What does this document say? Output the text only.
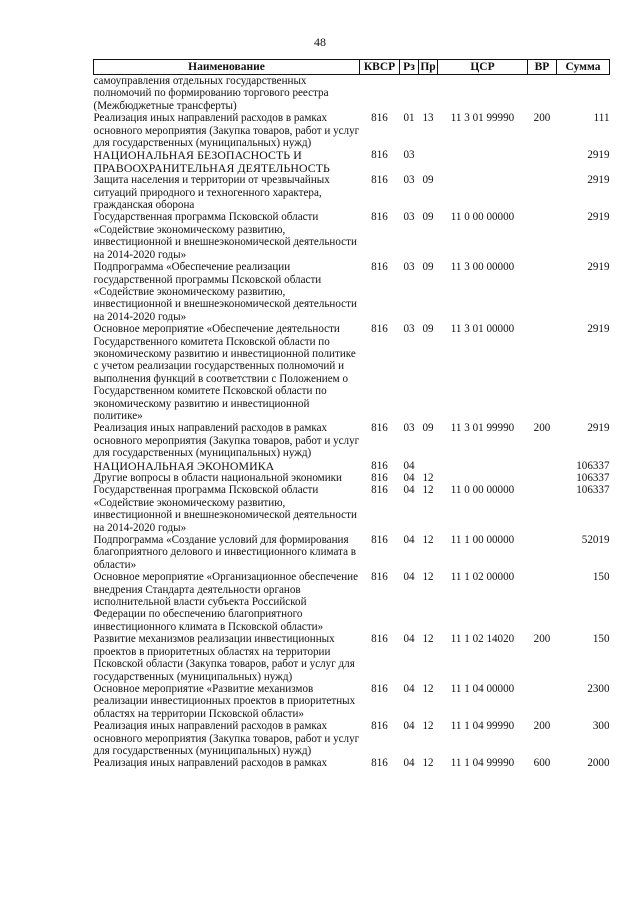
48
Наименование	КВСР	Рз	Пр	ЦСР	ВР	Сумма
самоуправления отдельных государственных полномочий по формированию торгового реестра (Межбюджетные трансферты)						
Реализация иных направлений расходов в рамках основного мероприятия (Закупка товаров, работ и услуг для государственных (муниципальных) нужд)	816	01	13	11 3 01 99990	200	111
НАЦИОНАЛЬНАЯ БЕЗОПАСНОСТЬ И ПРАВООХРАНИТЕЛЬНАЯ ДЕЯТЕЛЬНОСТЬ	816	03				2919
Защита населения и территории от чрезвычайных ситуаций природного и техногенного характера, гражданская оборона	816	03	09			2919
Государственная программа Псковской области «Содействие экономическому развитию, инвестиционной и внешнеэкономической деятельности на 2014-2020 годы»	816	03	09	11 0 00 00000		2919
Подпрограмма «Обеспечение реализации государственной программы Псковской области «Содействие экономическому развитию, инвестиционной и внешнеэкономической деятельности на 2014-2020 годы»	816	03	09	11 3 00 00000		2919
Основное мероприятие «Обеспечение деятельности Государственного комитета Псковской области по экономическому развитию и инвестиционной политике с учетом реализации государственных полномочий и выполнения функций в соответствии с Положением о Государственном комитете Псковской области по экономическому развитию и инвестиционной политике»	816	03	09	11 3 01 00000		2919
Реализация иных направлений расходов в рамках основного мероприятия (Закупка товаров, работ и услуг для государственных (муниципальных) нужд)	816	03	09	11 3 01 99990	200	2919
НАЦИОНАЛЬНАЯ ЭКОНОМИКА	816	04				106337
Другие вопросы в области национальной экономики	816	04	12			106337
Государственная программа Псковской области «Содействие экономическому развитию, инвестиционной и внешнеэкономической деятельности на 2014-2020 годы»	816	04	12	11 0 00 00000		106337
Подпрограмма «Создание условий для формирования благоприятного делового и инвестиционного климата в области»	816	04	12	11 1 00 00000		52019
Основное мероприятие «Организационное обеспечение внедрения Стандарта деятельности органов исполнительной власти субъекта Российской Федерации по обеспечению благоприятного инвестиционного климата в Псковской области»	816	04	12	11 1 02 00000		150
Развитие механизмов реализации инвестиционных проектов в приоритетных областях на территории Псковской области (Закупка товаров, работ и услуг для государственных (муниципальных) нужд)	816	04	12	11 1 02 14020	200	150
Основное мероприятие «Развитие механизмов реализации инвестиционных проектов в приоритетных областях на территории Псковской области»	816	04	12	11 1 04 00000		2300
Реализация иных направлений расходов в рамках основного мероприятия (Закупка товаров, работ и услуг для государственных (муниципальных) нужд)	816	04	12	11 1 04 99990	200	300
Реализация иных направлений расходов в рамках	816	04	12	11 1 04 99990	600	2000
